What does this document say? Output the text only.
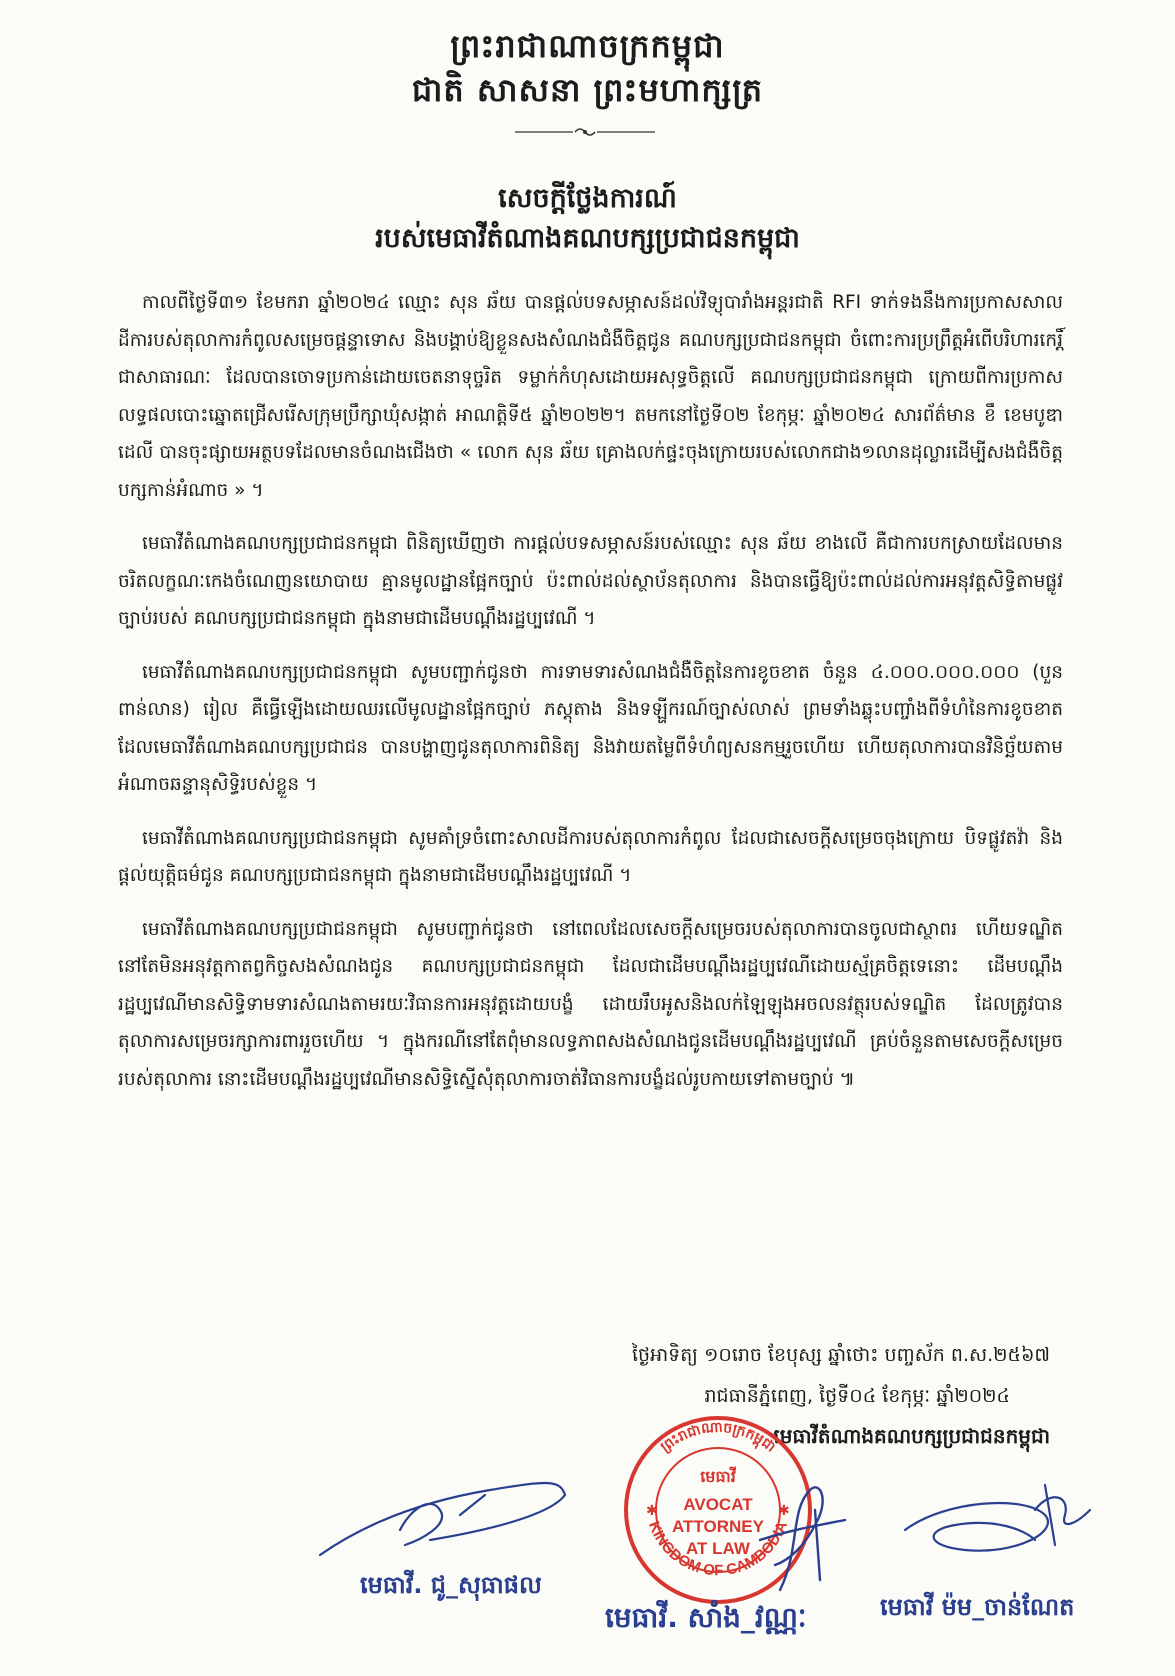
ព្រះរាជាណាចក្រកម្ពុជា
ជាតិ សាសនា ព្រះមហាក្សត្រ
សេចក្ដីថ្លែងការណ៍
របស់មេធាវីតំណាងគណបក្សប្រជាជនកម្ពុជា

កាលពីថ្ងៃទី៣១ ខែមករា ឆ្នាំ២០២៤ ឈ្មោះ សុន ឆ័យ បានផ្ដល់បទសម្ភាសន៍ដល់វិទ្យុបារាំងអន្តរជាតិ RFI ទាក់ទងនឹងការប្រកាសសាលដីការបស់តុលាការកំពូលសម្រេចផ្ដន្ទាទោស និងបង្គាប់ឱ្យខ្លួនសងសំណងជំងឺចិត្តជូន គណបក្សប្រជាជនកម្ពុជា ចំពោះការប្រព្រឹត្តអំពើបរិហារកេរ្តិ៍ជាសាធារណៈ ដែលបានចោទប្រកាន់ដោយចេតនាទុច្ចរិត ទម្លាក់កំហុសដោយអសុទ្ធចិត្តលើ គណបក្សប្រជាជនកម្ពុជា ក្រោយពីការប្រកាសលទ្ធផលបោះឆ្នោតជ្រើសរើសក្រុមប្រឹក្សាឃុំសង្កាត់ អាណត្តិទី៥ ឆ្នាំ២០២២។ តមកនៅថ្ងៃទី០២ ខែកុម្ភៈ ឆ្នាំ២០២៤ សារព័ត៌មាន ខឹ ខេមបូឌា ដេលី បានចុះផ្សាយអត្ថបទដែលមានចំណងជើងថា « លោក សុន ឆ័យ គ្រោងលក់ផ្ទះចុងក្រោយរបស់លោកជាង១លានដុល្លារដើម្បីសងជំងឺចិត្តបក្សកាន់អំណាច » ។

មេធាវីតំណាងគណបក្សប្រជាជនកម្ពុជា ពិនិត្យឃើញថា ការផ្ដល់បទសម្ភាសន៍របស់ឈ្មោះ សុន ឆ័យ ខាងលើ គឺជាការបកស្រាយដែលមានចរិតលក្ខណៈកេងចំណេញនយោបាយ គ្មានមូលដ្ឋានផ្អែកច្បាប់ ប៉ះពាល់ដល់ស្ថាប័នតុលាការ និងបានធ្វើឱ្យប៉ះពាល់ដល់ការអនុវត្តសិទ្ធិតាមផ្លូវច្បាប់របស់ គណបក្សប្រជាជនកម្ពុជា ក្នុងនាមជាដើមបណ្ដឹងរដ្ឋប្បវេណី ។

មេធាវីតំណាងគណបក្សប្រជាជនកម្ពុជា សូមបញ្ជាក់ជូនថា ការទាមទារសំណងជំងឺចិត្តនៃការខូចខាត ចំនួន ៤.០០០.០០០.០០០ (បួនពាន់លាន) រៀល គឺធ្វើឡើងដោយឈរលើមូលដ្ឋានផ្អែកច្បាប់ ភស្តុតាង និងទឡ្ហីករណ៍ច្បាស់លាស់ ព្រមទាំងឆ្លុះបញ្ចាំងពីទំហំនៃការខូចខាត ដែលមេធាវីតំណាងគណបក្សប្រជាជន បានបង្ហាញជូនតុលាការពិនិត្យ និងវាយតម្លៃពីទំហំព្យសនកម្មរួចហើយ ហើយតុលាការបានវិនិច្ឆ័យតាមអំណាចឆន្ទានុសិទ្ធិរបស់ខ្លួន ។

មេធាវីតំណាងគណបក្សប្រជាជនកម្ពុជា សូមគាំទ្រចំពោះសាលដីការបស់តុលាការកំពូល ដែលជាសេចក្ដីសម្រេចចុងក្រោយ បិទផ្លូវតវ៉ា និងផ្ដល់យុត្តិធម៌ជូន គណបក្សប្រជាជនកម្ពុជា ក្នុងនាមជាដើមបណ្ដឹងរដ្ឋប្បវេណី ។

មេធាវីតំណាងគណបក្សប្រជាជនកម្ពុជា សូមបញ្ជាក់ជូនថា នៅពេលដែលសេចក្ដីសម្រេចរបស់តុលាការបានចូលជាស្ថាពរ ហើយទណ្ឌិតនៅតែមិនអនុវត្តកាតព្វកិច្ចសងសំណងជូន គណបក្សប្រជាជនកម្ពុជា ដែលជាដើមបណ្ដឹងរដ្ឋប្បវេណីដោយស្ម័គ្រចិត្តទេនោះ ដើមបណ្ដឹងរដ្ឋប្បវេណីមានសិទ្ធិទាមទារសំណងតាមរយៈវិធានការអនុវត្តដោយបង្ខំ ដោយរឹបអូសនិងលក់ឡៃឡុងអចលនវត្ថុរបស់ទណ្ឌិត ដែលត្រូវបានតុលាការសម្រេចរក្សាការពាររួចហើយ ។ ក្នុងករណីនៅតែពុំមានលទ្ធភាពសងសំណងជូនដើមបណ្ដឹងរដ្ឋប្បវេណី គ្រប់ចំនួនតាមសេចក្ដីសម្រេចរបស់តុលាការ នោះដើមបណ្ដឹងរដ្ឋប្បវេណីមានសិទ្ធិស្នើសុំតុលាការចាត់វិធានការបង្ខំដល់រូបកាយទៅតាមច្បាប់ ៕

ថ្ងៃអាទិត្យ ១០រោច ខែបុស្ស ឆ្នាំថោះ បញ្ចស័ក ព.ស.២៥៦៧
រាជធានីភ្នំពេញ, ថ្ងៃទី០៤ ខែកុម្ភៈ ឆ្នាំ២០២៤
មេធាវីតំណាងគណបក្សប្រជាជនកម្ពុជា
មេធាវី. ជូ_សុធាផល
ព្រះរាជាណាចក្រកម្ពុជា
KINGDOM OF CAMBODIA
មេធាវី
AVOCAT
ATTORNEY
AT LAW
✱	✱
មេធាវី. សាំង_វណ្ណៈ	មេធាវី ម៉ម_ចាន់ណែត
